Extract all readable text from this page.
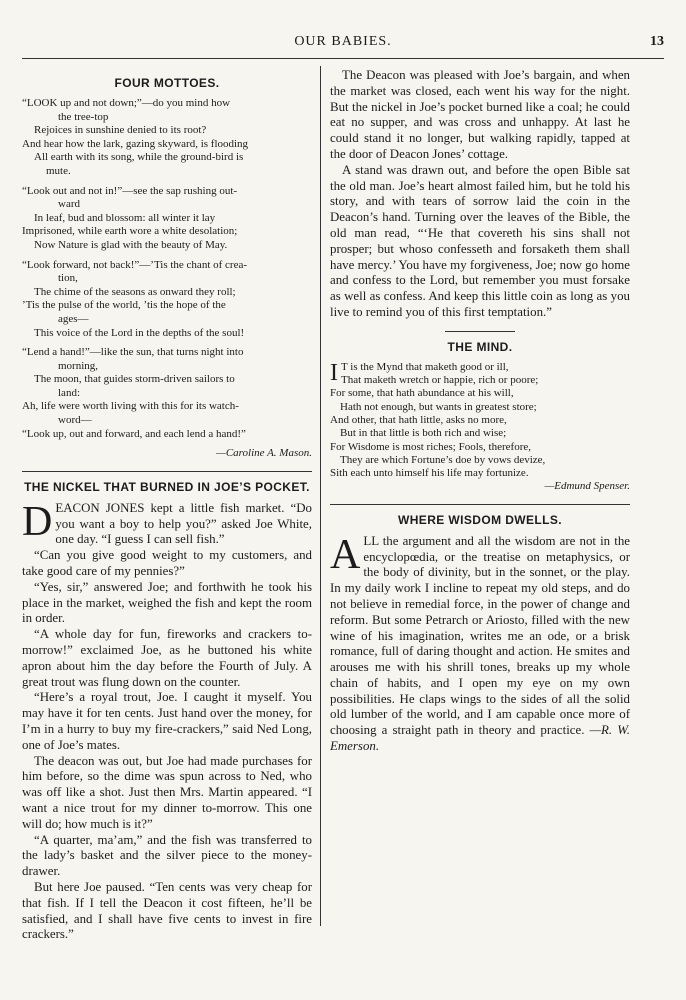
OUR BABIES.	13
FOUR MOTTOES.
“LOOK up and not down;”—do you mind how
the tree-top
Rejoices in sunshine denied to its root?
And hear how the lark, gazing skyward, is flooding
All earth with its song, while the ground-bird is
mute.
“Look out and not in!”—see the sap rushing out-
ward
In leaf, bud and blossom: all winter it lay
Imprisoned, while earth wore a white desolation;
Now Nature is glad with the beauty of May.
“Look forward, not back!”—’Tis the chant of crea-
tion,
The chime of the seasons as onward they roll;
’Tis the pulse of the world, ’tis the hope of the
ages—
This voice of the Lord in the depths of the soul!
“Lend a hand!”—like the sun, that turns night into
morning,
The moon, that guides storm-driven sailors to
land:
Ah, life were worth living with this for its watch-
word—
“Look up, out and forward, and each lend a hand!”
—Caroline A. Mason.
THE NICKEL THAT BURNED IN JOE’S POCKET.

DEACON JONES kept a little fish market. “Do you want a boy to help you?” asked Joe White, one day. “I guess I can sell fish.”

“Can you give good weight to my customers, and take good care of my pennies?”

“Yes, sir,” answered Joe; and forthwith he took his place in the market, weighed the fish and kept the room in order.

“A whole day for fun, fireworks and crackers to-morrow!” exclaimed Joe, as he buttoned his white apron about him the day before the Fourth of July. A great trout was flung down on the counter.

“Here’s a royal trout, Joe. I caught it myself. You may have it for ten cents. Just hand over the money, for I’m in a hurry to buy my fire-crackers,” said Ned Long, one of Joe’s mates.

The deacon was out, but Joe had made purchases for him before, so the dime was spun across to Ned, who was off like a shot. Just then Mrs. Martin appeared. “I want a nice trout for my dinner to-morrow. This one will do; how much is it?”

“A quarter, ma’am,” and the fish was transferred to the lady’s basket and the silver piece to the money-drawer.

But here Joe paused. “Ten cents was very cheap for that fish. If I tell the Deacon it cost fifteen, he’ll be satisfied, and I shall have five cents to invest in fire crackers.”

The Deacon was pleased with Joe’s bargain, and when the market was closed, each went his way for the night. But the nickel in Joe’s pocket burned like a coal; he could eat no supper, and was cross and unhappy. At last he could stand it no longer, but walking rapidly, tapped at the door of Deacon Jones’ cottage.

A stand was drawn out, and before the open Bible sat the old man. Joe’s heart almost failed him, but he told his story, and with tears of sorrow laid the coin in the Deacon’s hand. Turning over the leaves of the Bible, the old man read, “‘He that covereth his sins shall not prosper; but whoso confesseth and forsaketh them shall have mercy.’ You have my forgiveness, Joe; now go home and confess to the Lord, but remember you must forsake as well as confess. And keep this little coin as long as you live to remind you of this first temptation.”

THE MIND.
I T is the Mynd that maketh good or ill,
That maketh wretch or happie, rich or poore;
For some, that hath abundance at his will,
Hath not enough, but wants in greatest store;
And other, that hath little, asks no more,
But in that little is both rich and wise;
For Wisdome is most riches; Fools, therefore,
They are which Fortune’s doe by vows devize,
Sith each unto himself his life may fortunize.
—Edmund Spenser.
WHERE WISDOM DWELLS.

ALL the argument and all the wisdom are not in the encyclopœdia, or the treatise on metaphysics, or the body of divinity, but in the sonnet, or the play. In my daily work I incline to repeat my old steps, and do not believe in remedial force, in the power of change and reform. But some Petrarch or Ariosto, filled with the new wine of his imagination, writes me an ode, or a brisk romance, full of daring thought and action. He smites and arouses me with his shrill tones, breaks up my whole chain of habits, and I open my eye on my own possibilities. He claps wings to the sides of all the solid old lumber of the world, and I am capable once more of choosing a straight path in theory and practice. —R. W. Emerson.
